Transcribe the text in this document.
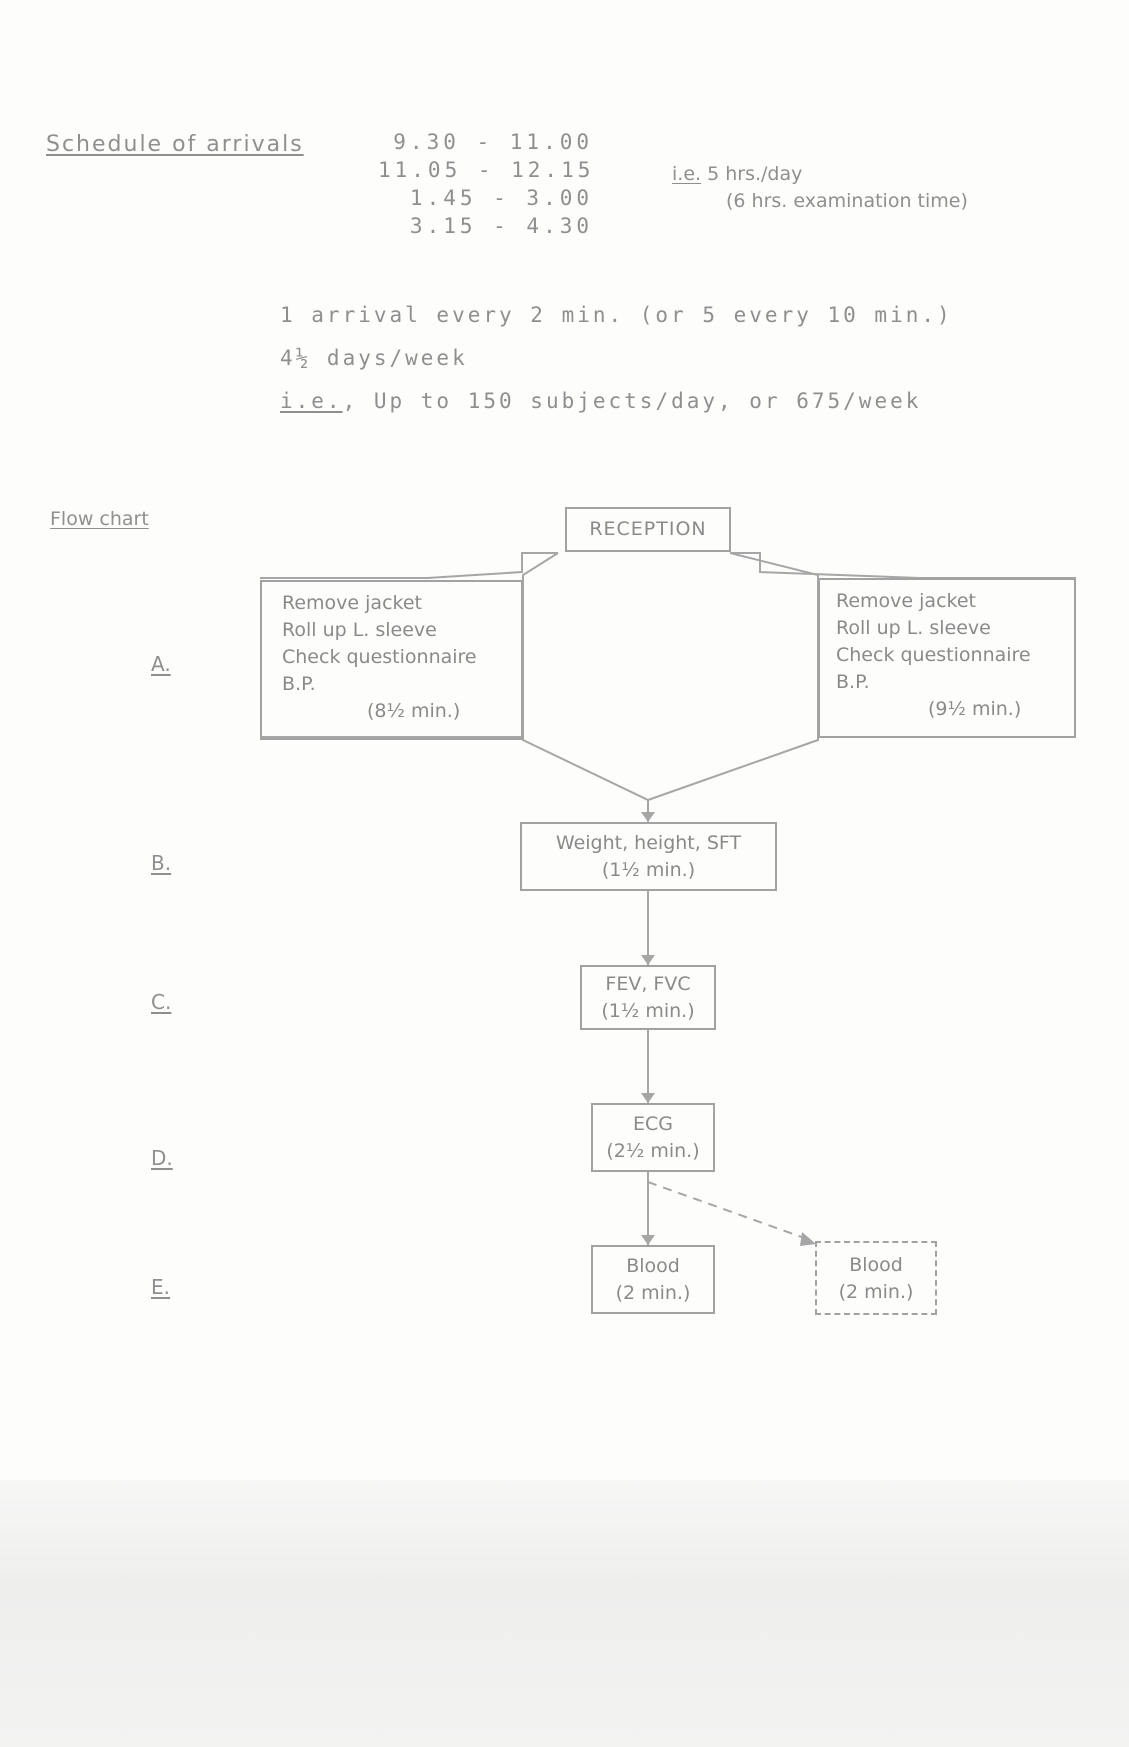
Schedule of arrivals	9.30 - 11.00
11.05 - 12.15
1.45 - 3.00
3.15 - 4.30
i.e. 5 hrs./day
(6 hrs. examination time)
1 arrival every 2 min. (or 5 every 10 min.)
4½ days/week
i.e., Up to 150 subjects/day, or 675/week
Flow chart	RECEPTION
Remove jacket
Roll up L. sleeve
Check questionnaire
B.P.
(8½ min.)
Remove jacket
Roll up L. sleeve
Check questionnaire
B.P.
(9½ min.)
Weight, height, SFT
(1½ min.)
FEV, FVC
(1½ min.)
ECG
(2½ min.)
Blood
(2 min.)
Blood
(2 min.)
A.
B.
C.
D.
E.
